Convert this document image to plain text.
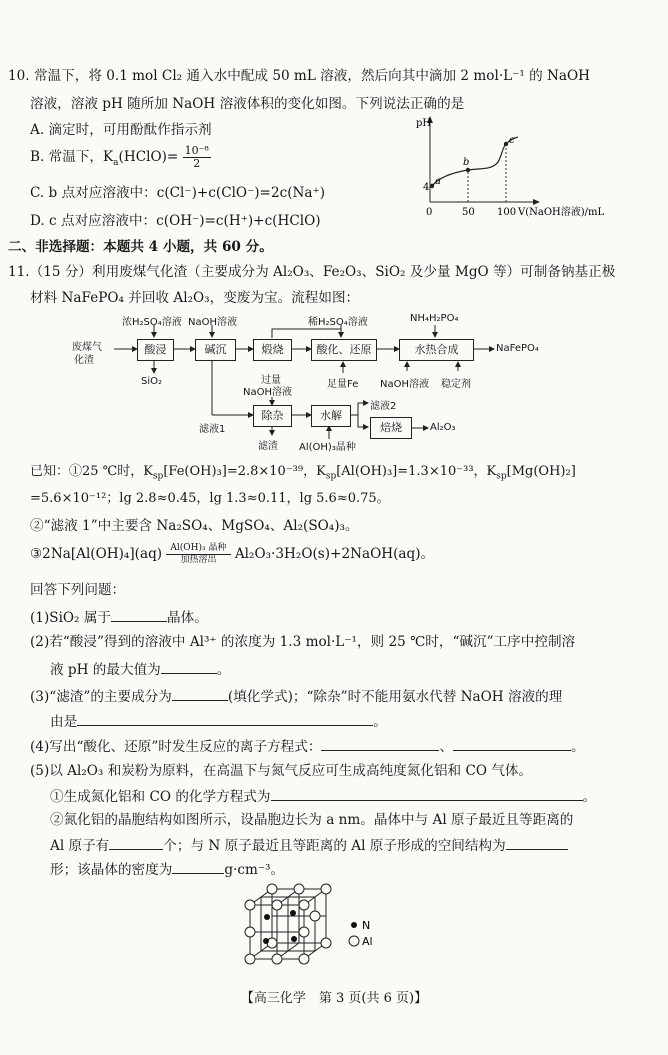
10. 常温下，将 0.1 mol Cl₂ 通入水中配成 50 mL 溶液，然后向其中滴加 2 mol·L⁻¹ 的 NaOH
溶液，溶液 pH 随所加 NaOH 溶液体积的变化如图。下列说法正确的是
A. 滴定时，可用酚酞作指示剂
B. 常温下，$K_a(HClO)= \frac{\text{10⁻⁸}}{2}$
C. b 点对应溶液中：c(Cl⁻)+c(ClO⁻)=2c(Na⁺)
D. c 点对应溶液中：c(OH⁻)=c(H⁺)+c(HClO)
pH
4
a
b
c
0	50 100 V(NaOH溶液)/mL
二、非选择题：本题共 4 小题，共 60 分。
11.（15 分）利用废煤气化渣（主要成分为 Al₂O₃、Fe₂O₃、SiO₂ 及少量 MgO 等）可制备钠基正极
材料 NaFePO₄ 并回收 Al₂O₃，变废为宝。流程如图：
废煤气
化渣
浓H₂SO₄溶液 NaOH溶液	稀H₂SO₄溶液	NH₄H₂PO₄
酸浸	碱沉	煅烧	酸化、还原	水热合成	NaFePO₄
SiO₂	足量Fe NaOH溶液 稳定剂
过量
NaOH溶液
滤液1
除杂	水解
滤渣 Al(OH)₃晶种
滤液2
焙烧	Al₂O₃
已知：①25 ℃时，$K_{sp}[Fe(OH)_3]=2.8\times 10^{-39}$，$K_{sp}[Al(OH)_3]=1.3\times 10^{-33}$，$K_{sp}[Mg(OH)_2]$
=5.6×10⁻¹²；lg 2.8≈0.45，lg 1.3≈0.11，lg 5.6≈0.75。
②“滤液 1”中主要含 Na₂SO₄、MgSO₄、Al₂(SO₄)₃。
③2Na[Al(OH)₄](aq) Al(OH)₃ 晶种
加热溶出	Al₂O₃·3H₂O(s)+2NaOH(aq)。
回答下列问题：
(1)SiO₂ 属于	晶体。
(2)若“酸浸”得到的溶液中 Al³⁺ 的浓度为 1.3 mol·L⁻¹，则 25 ℃时，“碱沉”工序中控制溶
液 pH 的最大值为	。
(3)“滤渣”的主要成分为	(填化学式)；“除杂”时不能用氨水代替 NaOH 溶液的理
由是	。
(4)写出“酸化、还原”时发生反应的离子方程式：	、	。
(5)以 Al₂O₃ 和炭粉为原料，在高温下与氮气反应可生成高纯度氮化铝和 CO 气体。
①生成氮化铝和 CO 的化学方程式为	。
②氮化铝的晶胞结构如图所示，设晶胞边长为 a nm。晶体中与 Al 原子最近且等距离的
Al 原子有	个；与 N 原子最近且等距离的 Al 原子形成的空间结构为
形；该晶体的密度为	g·cm⁻³。
N
Al
【高三化学　第 3 页(共 6 页)】
